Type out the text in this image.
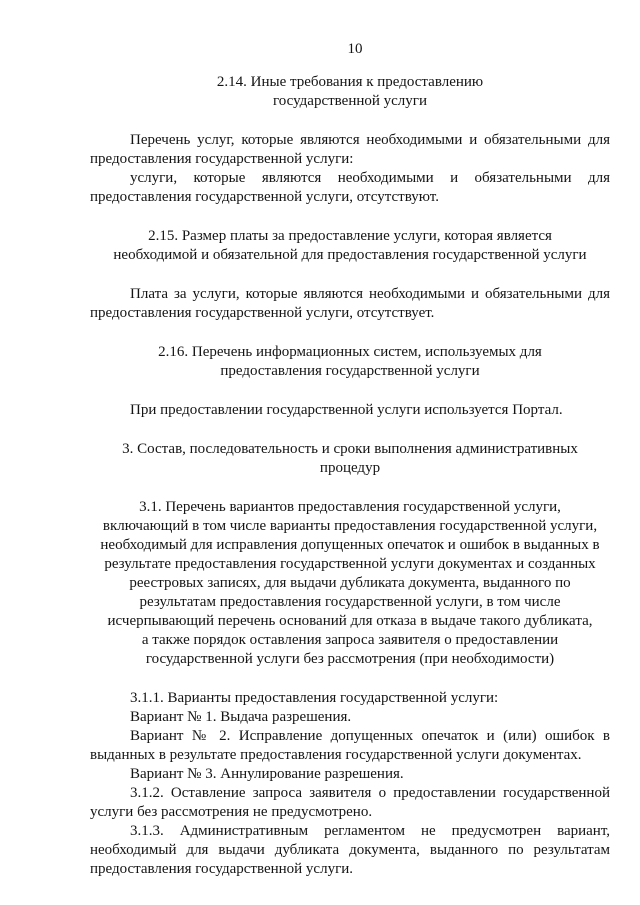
10

2.14. Иные требования к предоставлению

государственной услуги

Перечень услуг, которые являются необходимыми и обязательными для предоставления государственной услуги:

услуги, которые являются необходимыми и обязательными для предоставления государственной услуги, отсутствуют.

2.15. Размер платы за предоставление услуги, которая является

необходимой и обязательной для предоставления государственной услуги

Плата за услуги, которые являются необходимыми и обязательными для предоставления государственной услуги, отсутствует.

2.16. Перечень информационных систем, используемых для

предоставления государственной услуги

При предоставлении государственной услуги используется Портал.

3. Состав, последовательность и сроки выполнения административных

процедур

3.1. Перечень вариантов предоставления государственной услуги,

включающий в том числе варианты предоставления государственной услуги,

необходимый для исправления допущенных опечаток и ошибок в выданных в

результате предоставления государственной услуги документах и созданных

реестровых записях, для выдачи дубликата документа, выданного по

результатам предоставления государственной услуги, в том числе

исчерпывающий перечень оснований для отказа в выдаче такого дубликата,

а также порядок оставления запроса заявителя о предоставлении

государственной услуги без рассмотрения (при необходимости)

3.1.1. Варианты предоставления государственной услуги:

Вариант № 1. Выдача разрешения.

Вариант № 2. Исправление допущенных опечаток и (или) ошибок в выданных в результате предоставления государственной услуги документах.

Вариант № 3. Аннулирование разрешения.

3.1.2. Оставление запроса заявителя о предоставлении государственной услуги без рассмотрения не предусмотрено.

3.1.3. Административным регламентом не предусмотрен вариант, необходимый для выдачи дубликата документа, выданного по результатам предоставления государственной услуги.
